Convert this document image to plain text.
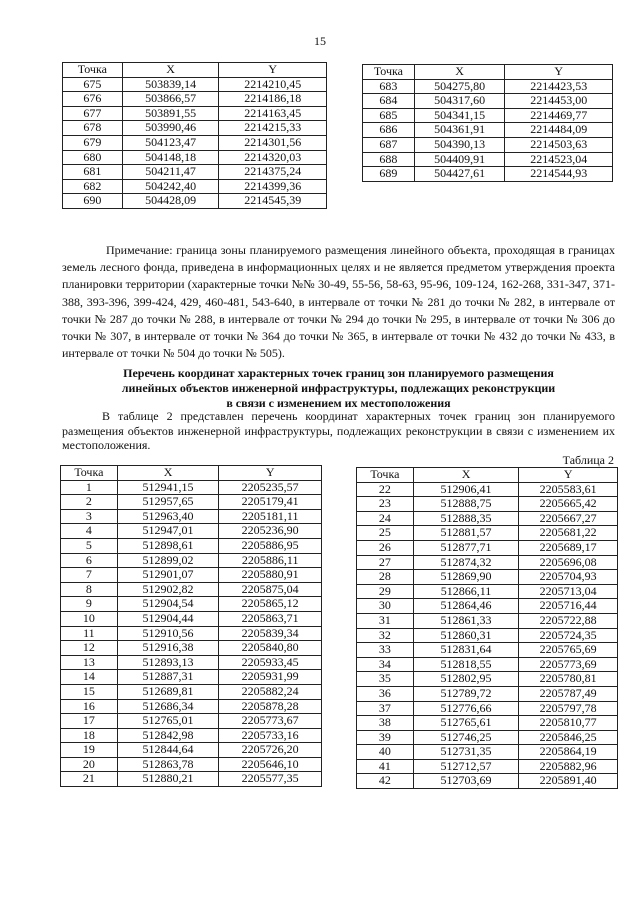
15
Точка	X	Y
675	503839,14	2214210,45
676	503866,57	2214186,18
677	503891,55	2214163,45
678	503990,46	2214215,33
679	504123,47	2214301,56
680	504148,18	2214320,03
681	504211,47	2214375,24
682	504242,40	2214399,36
690	504428,09	2214545,39
Точка	X	Y
683	504275,80	2214423,53
684	504317,60	2214453,00
685	504341,15	2214469,77
686	504361,91	2214484,09
687	504390,13	2214503,63
688	504409,91	2214523,04
689	504427,61	2214544,93

Примечание: граница зоны планируемого размещения линейного объекта, проходящая в границах земель лесного фонда, приведена в информационных целях и не является предметом утверждения проекта планировки территории (характерные точки №№ 30-49, 55-56, 58-63, 95-96, 109-124, 162-268, 331-347, 371-388, 393-396, 399-424, 429, 460-481, 543-640, в интервале от точки № 281 до точки № 282, в интервале от точки № 287 до точки № 288, в интервале от точки № 294 до точки № 295, в интервале от точки № 306 до точки № 307, в интервале от точки № 364 до точки № 365, в интервале от точки № 432 до точки № 433, в интервале от точки № 504 до точки № 505).

Перечень координат характерных точек границ зон планируемого размещения
линейных объектов инженерной инфраструктуры, подлежащих реконструкции
в связи с изменением их местоположения

В таблице 2 представлен перечень координат характерных точек границ зон планируемого размещения объектов инженерной инфраструктуры, подлежащих реконструкции в связи с изменением их местоположения.

Таблица 2
Точка	X	Y
1	512941,15	2205235,57
2	512957,65	2205179,41
3	512963,40	2205181,11
4	512947,01	2205236,90
5	512898,61	2205886,95
6	512899,02	2205886,11
7	512901,07	2205880,91
8	512902,82	2205875,04
9	512904,54	2205865,12
10	512904,44	2205863,71
11	512910,56	2205839,34
12	512916,38	2205840,80
13	512893,13	2205933,45
14	512887,31	2205931,99
15	512689,81	2205882,24
16	512686,34	2205878,28
17	512765,01	2205773,67
18	512842,98	2205733,16
19	512844,64	2205726,20
20	512863,78	2205646,10
21	512880,21	2205577,35
Точка	X	Y
22	512906,41	2205583,61
23	512888,75	2205665,42
24	512888,35	2205667,27
25	512881,57	2205681,22
26	512877,71	2205689,17
27	512874,32	2205696,08
28	512869,90	2205704,93
29	512866,11	2205713,04
30	512864,46	2205716,44
31	512861,33	2205722,88
32	512860,31	2205724,35
33	512831,64	2205765,69
34	512818,55	2205773,69
35	512802,95	2205780,81
36	512789,72	2205787,49
37	512776,66	2205797,78
38	512765,61	2205810,77
39	512746,25	2205846,25
40	512731,35	2205864,19
41	512712,57	2205882,96
42	512703,69	2205891,40
